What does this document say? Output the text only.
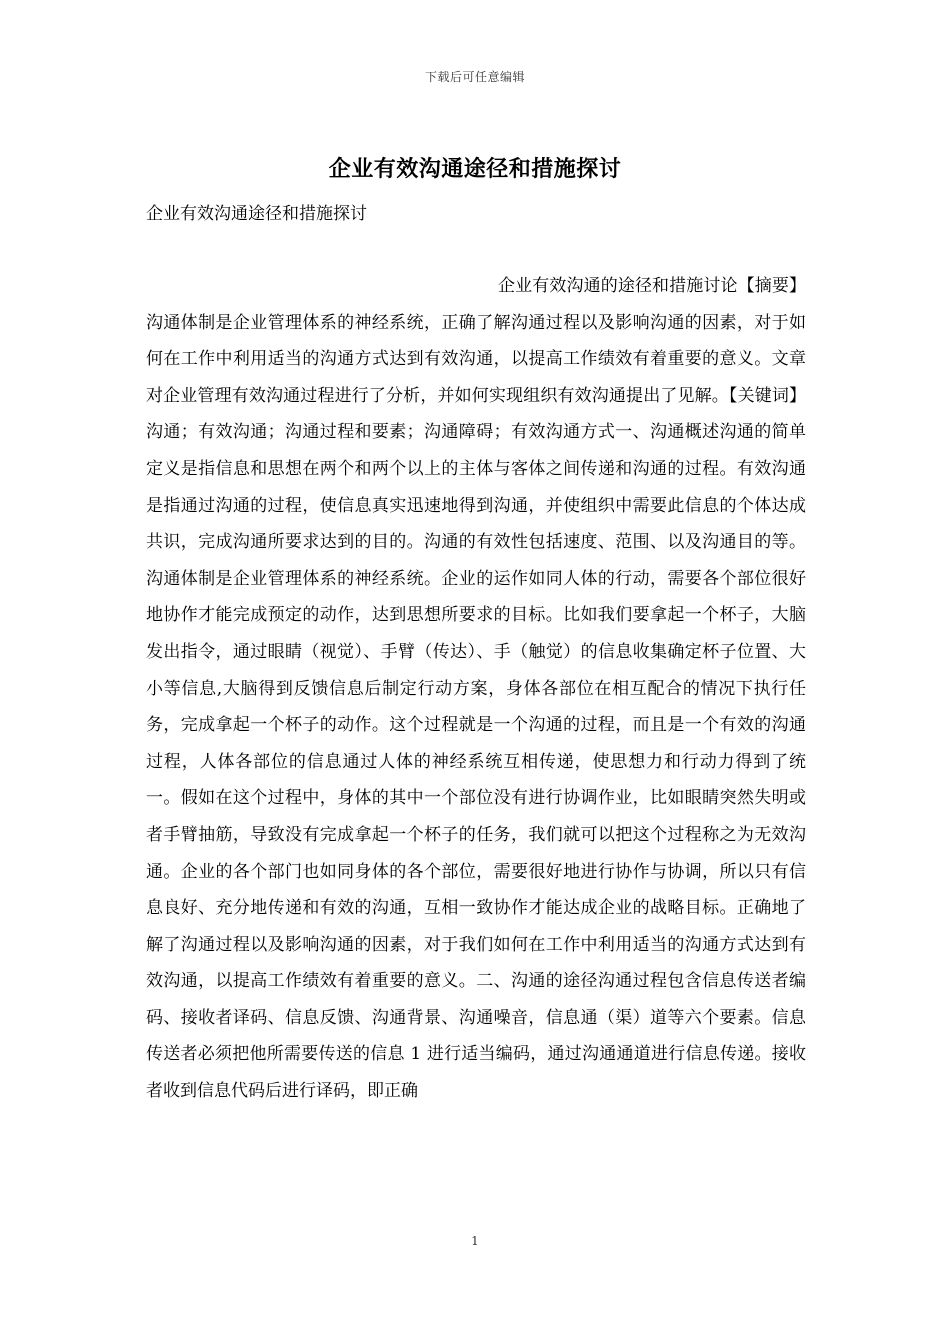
下载后可任意编辑
企业有效沟通途径和措施探讨
企业有效沟通途径和措施探讨

企业有效沟通的途径和措施讨论【摘要】沟通体制是企业管理体系的神经系统，正确了解沟通过程以及影响沟通的因素，对于如何在工作中利用适当的沟通方式达到有效沟通，以提高工作绩效有着重要的意义。文章对企业管理有效沟通过程进行了分析，并如何实现组织有效沟通提出了见解。【关键词】沟通；有效沟通；沟通过程和要素；沟通障碍；有效沟通方式一、沟通概述沟通的简单定义是指信息和思想在两个和两个以上的主体与客体之间传递和沟通的过程。有效沟通是指通过沟通的过程，使信息真实迅速地得到沟通，并使组织中需要此信息的个体达成共识，完成沟通所要求达到的目的。沟通的有效性包括速度、范围、以及沟通目的等。沟通体制是企业管理体系的神经系统。企业的运作如同人体的行动，需要各个部位很好地协作才能完成预定的动作，达到思想所要求的目标。比如我们要拿起一个杯子，大脑发出指令，通过眼睛（视觉）、手臂（传达）、手（触觉）的信息收集确定杯子位置、大小等信息,大脑得到反馈信息后制定行动方案，身体各部位在相互配合的情况下执行任务，完成拿起一个杯子的动作。这个过程就是一个沟通的过程，而且是一个有效的沟通过程，人体各部位的信息通过人体的神经系统互相传递，使思想力和行动力得到了统一。假如在这个过程中，身体的其中一个部位没有进行协调作业，比如眼睛突然失明或者手臂抽筋，导致没有完成拿起一个杯子的任务，我们就可以把这个过程称之为无效沟通。企业的各个部门也如同身体的各个部位，需要很好地进行协作与协调，所以只有信息良好、充分地传递和有效的沟通，互相一致协作才能达成企业的战略目标。正确地了解了沟通过程以及影响沟通的因素，对于我们如何在工作中利用适当的沟通方式达到有效沟通，以提高工作绩效有着重要的意义。二、沟通的途径沟通过程包含信息传送者编码、接收者译码、信息反馈、沟通背景、沟通噪音，信息通（渠）道等六个要素。信息传送者必须把他所需要传送的信息 1 进行适当编码，通过沟通通道进行信息传递。接收者收到信息代码后进行译码，即正确

1
